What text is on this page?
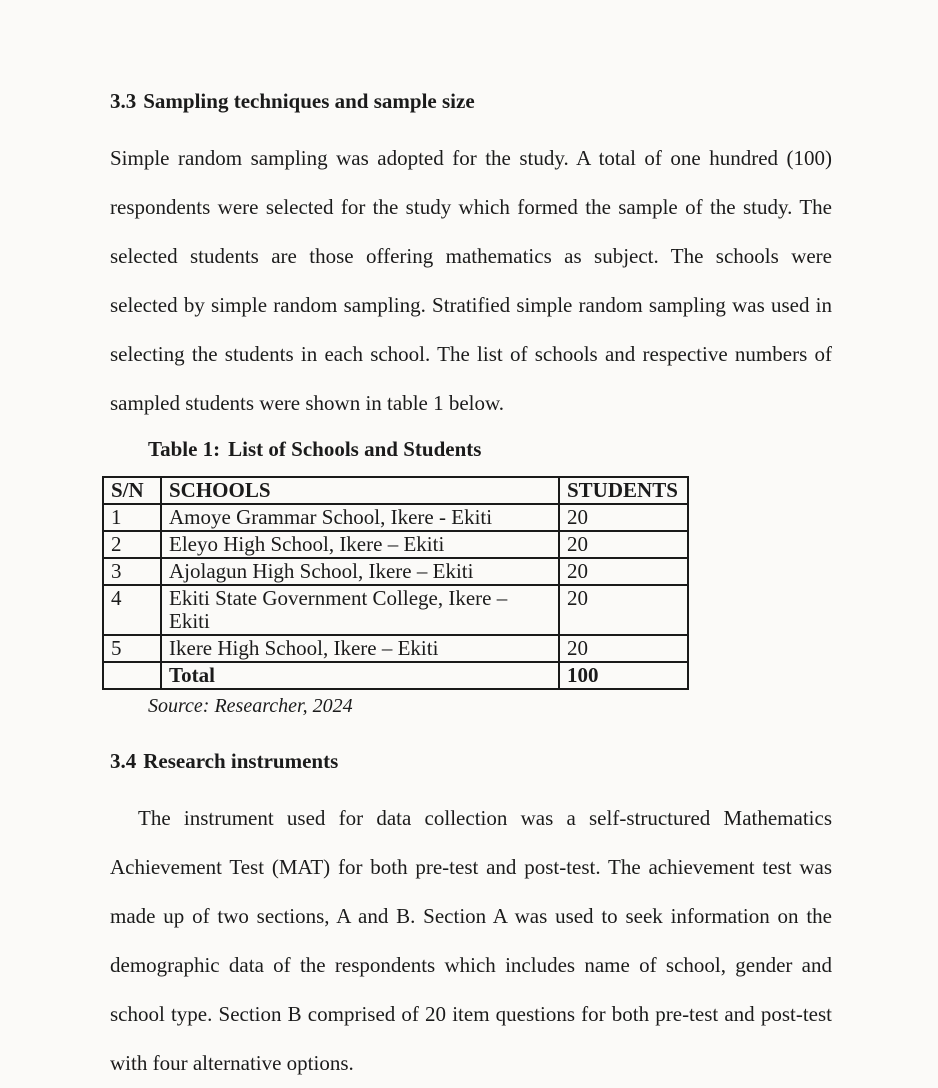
3.3 Sampling techniques and sample size

Simple random sampling was adopted for the study. A total of one hundred (100) respondents were selected for the study which formed the sample of the study. The selected students are those offering mathematics as subject. The schools were selected by simple random sampling. Stratified simple random sampling was used in selecting the students in each school. The list of schools and respective numbers of sampled students were shown in table 1 below.

Table 1: List of Schools and Students

S/N	SCHOOLS	STUDENTS
1	Amoye Grammar School, Ikere - Ekiti	20
2	Eleyo High School, Ikere – Ekiti	20
3	Ajolagun High School, Ikere – Ekiti	20
4	Ekiti State Government College, Ikere – Ekiti	20
5	Ikere High School, Ikere – Ekiti	20
	Total	100

Source: Researcher, 2024

3.4 Research instruments

The instrument used for data collection was a self-structured Mathematics Achievement Test (MAT) for both pre-test and post-test. The achievement test was made up of two sections, A and B. Section A was used to seek information on the demographic data of the respondents which includes name of school, gender and school type. Section B comprised of 20 item questions for both pre-test and post-test with four alternative options.
